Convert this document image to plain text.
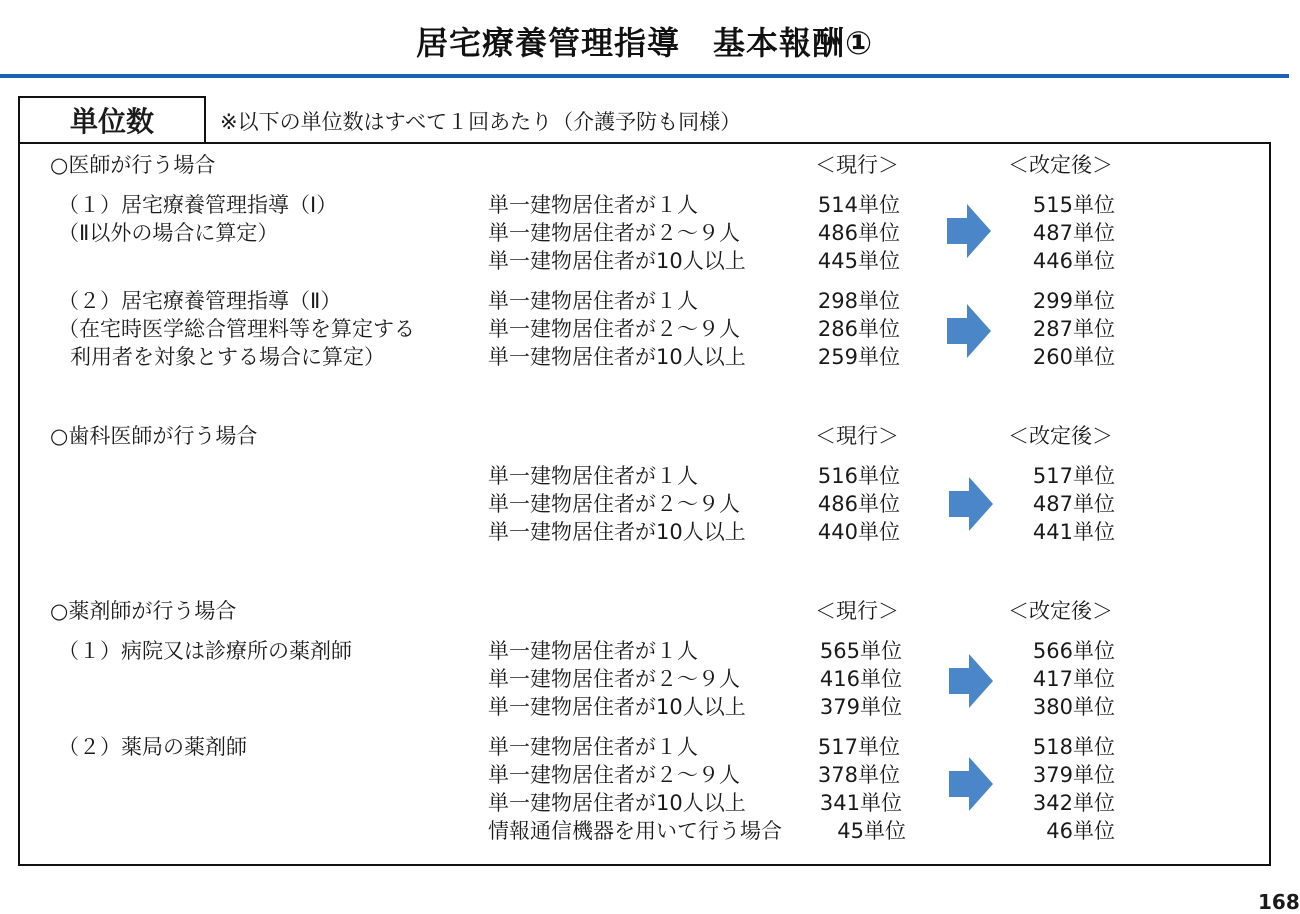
居宅療養管理指導　基本報酬①
単位数	※以下の単位数はすべて１回あたり（介護予防も同様）
○医師が行う場合	＜現行＞	＜改定後＞
（１）居宅療養管理指導（Ⅰ）
（Ⅱ以外の場合に算定）
単一建物居住者が１人	514単位	515単位
単一建物居住者が２～９人	486単位	487単位
単一建物居住者が10人以上	445単位	446単位
（２）居宅療養管理指導（Ⅱ）
（在宅時医学総合管理料等を算定する
利用者を対象とする場合に算定）
単一建物居住者が１人	298単位	299単位
単一建物居住者が２～９人	286単位	287単位
単一建物居住者が10人以上	259単位	260単位
○歯科医師が行う場合	＜現行＞	＜改定後＞
単一建物居住者が１人	516単位	517単位
単一建物居住者が２～９人	486単位	487単位
単一建物居住者が10人以上	440単位	441単位
○薬剤師が行う場合	＜現行＞	＜改定後＞
（１）病院又は診療所の薬剤師	単一建物居住者が１人	565単位	566単位
単一建物居住者が２～９人	416単位	417単位
単一建物居住者が10人以上	379単位	380単位
（２）薬局の薬剤師	単一建物居住者が１人	517単位	518単位
単一建物居住者が２～９人	378単位	379単位
単一建物居住者が10人以上	341単位	342単位
情報通信機器を用いて行う場合	45単位	46単位
168
